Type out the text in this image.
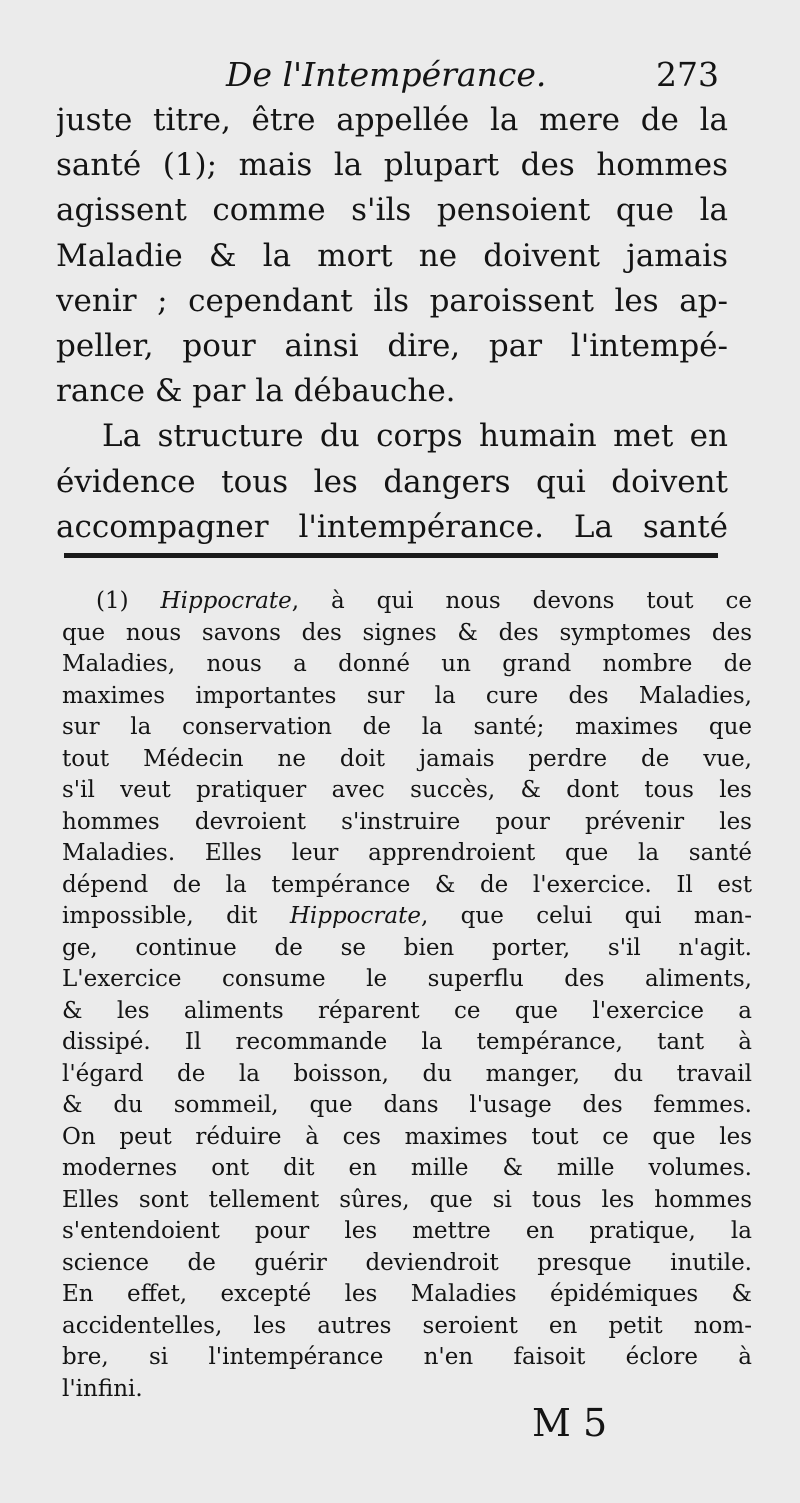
De l'Intempérance.	273
juste titre, être appellée la mere de la
santé (1); mais la plupart des hommes
agissent comme s'ils pensoient que la
Maladie & la mort ne doivent jamais
venir ; cependant ils paroissent les ap-
peller, pour ainsi dire, par l'intempé-
rance & par la débauche.
La structure du corps humain met en
évidence tous les dangers qui doivent
accompagner l'intempérance. La santé
(1) Hippocrate, à qui nous devons tout ce
que nous savons des signes & des symptomes des
Maladies, nous a donné un grand nombre de
maximes importantes sur la cure des Maladies,
sur la conservation de la santé; maximes que
tout Médecin ne doit jamais perdre de vue,
s'il veut pratiquer avec succès, & dont tous les
hommes devroient s'instruire pour prévenir les
Maladies. Elles leur apprendroient que la santé
dépend de la tempérance & de l'exercice. Il est
impossible, dit Hippocrate, que celui qui man-
ge, continue de se bien porter, s'il n'agit.
L'exercice consume le superflu des aliments,
& les aliments réparent ce que l'exercice a
dissipé. Il recommande la tempérance, tant à
l'égard de la boisson, du manger, du travail
& du sommeil, que dans l'usage des femmes.
On peut réduire à ces maximes tout ce que les
modernes ont dit en mille & mille volumes.
Elles sont tellement sûres, que si tous les hommes
s'entendoient pour les mettre en pratique, la
science de guérir deviendroit presque inutile.
En effet, excepté les Maladies épidémiques &
accidentelles, les autres seroient en petit nom-
bre, si l'intempérance n'en faisoit éclore à
l'infini.
M 5
